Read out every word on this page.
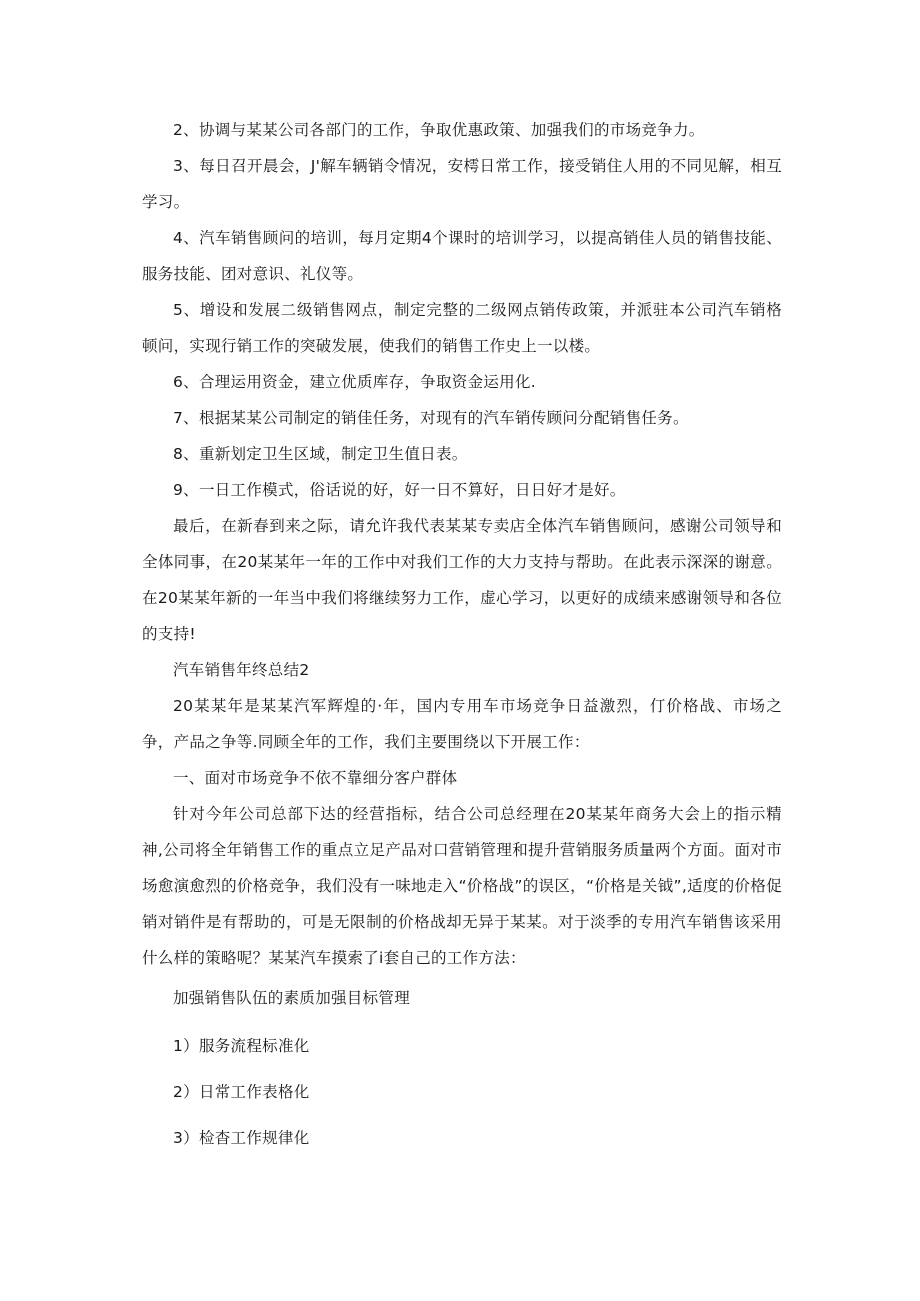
2、协调与某某公司各部门的工作，争取优惠政策、加强我们的市场竞争力。

3、每日召开晨会，J'解车辆销令情况，安樗日常工作，接受销住人用的不同见解，相互学习。

4、汽车销售顾问的培训，每月定期4个课时的培训学习，以提高销佳人员的销售技能、服务技能、团对意识、礼仪等。

5、增设和发展二级销售网点，制定完整的二级网点销传政策，并派驻本公司汽车销格顿问，实现行销工作的突破发展，使我们的销售工作史上一以楼。

6、合理运用资金，建立优质库存，争取资金运用化.

7、根据某某公司制定的销佳任务，对现有的汽车销传顾问分配销售任务。

8、重新划定卫生区域，制定卫生值日表。

9、一日工作模式，俗话说的好，好一日不算好，日日好才是好。

最后，在新春到来之际，请允许我代表某某专卖店全体汽车销售顾问，感谢公司领导和全体同事，在20某某年一年的工作中对我们工作的大力支持与帮助。在此表示深深的谢意。在20某某年新的一年当中我们将继续努力工作，虚心学习，以更好的成绩来感谢领导和各位的支持!

汽车销售年终总结2

20某某年是某某汽军辉煌的·年，国内专用车市场竞争日益激烈，仃价格战、市场之争，产品之争等.同顾全年的工作，我们主要围绕以下开展工作：

一、面对市场竞争不依不靠细分客户群体

针对今年公司总部下达的经营指标，结合公司总经理在20某某年商务大会上的指示精神,公司将全年销售工作的重点立足产品对口营销管理和提升营销服务质量两个方面。面对市场愈演愈烈的价格竞争，我们没有一味地走入“价格战”的误区，“价格是关钺”,适度的价格促销对销件是有帮助的，可是无限制的价格战却无异于某某。对于淡季的专用汽车销售该采用什么样的策略呢？某某汽车摸索了i套自己的工作方法：

加强销售队伍的素质加强目标管理

1）服务流程标准化

2）日常工作表格化

3）检杳工作规律化
